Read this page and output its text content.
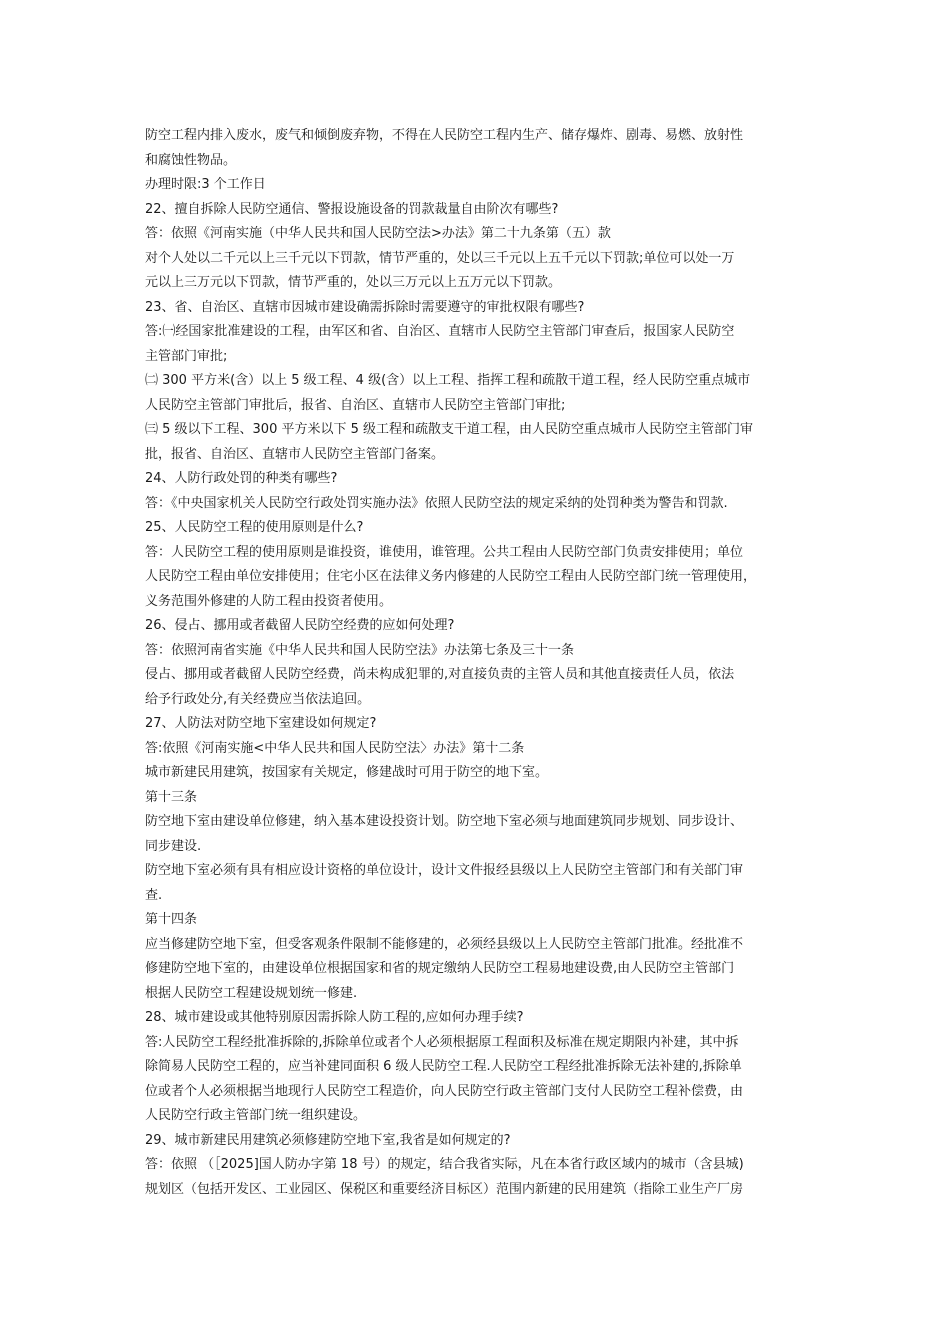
防空工程内排入废水，废气和倾倒废弃物，不得在人民防空工程内生产、储存爆炸、剧毒、易燃、放射性
和腐蚀性物品。
办理时限:3 个工作日
22、擅自拆除人民防空通信、警报设施设备的罚款裁量自由阶次有哪些?
答：依照《河南实施（中华人民共和国人民防空法>办法》第二十九条第（五）款
对个人处以二千元以上三千元以下罚款，情节严重的，处以三千元以上五千元以下罚款;单位可以处一万
元以上三万元以下罚款，情节严重的，处以三万元以上五万元以下罚款。
23、省、自治区、直辖市因城市建设确需拆除时需要遵守的审批权限有哪些?
答:㈠经国家批准建设的工程，由军区和省、自治区、直辖市人民防空主管部门审查后，报国家人民防空
主管部门审批;
㈡ 300 平方米(含）以上 5 级工程、4 级(含）以上工程、指挥工程和疏散干道工程，经人民防空重点城市
人民防空主管部门审批后，报省、自治区、直辖市人民防空主管部门审批;
㈢ 5 级以下工程、300 平方米以下 5 级工程和疏散支干道工程，由人民防空重点城市人民防空主管部门审
批，报省、自治区、直辖市人民防空主管部门备案。
24、人防行政处罚的种类有哪些?
答：《中央国家机关人民防空行政处罚实施办法》依照人民防空法的规定采纳的处罚种类为警告和罚款.
25、人民防空工程的使用原则是什么?
答：人民防空工程的使用原则是谁投资，谁使用，谁管理。公共工程由人民防空部门负责安排使用；单位
人民防空工程由单位安排使用；住宅小区在法律义务内修建的人民防空工程由人民防空部门统一管理使用，
义务范围外修建的人防工程由投资者使用。
26、侵占、挪用或者截留人民防空经费的应如何处理?
答：依照河南省实施《中华人民共和国人民防空法》办法第七条及三十一条
侵占、挪用或者截留人民防空经费，尚未构成犯罪的,对直接负责的主管人员和其他直接责任人员，依法
给予行政处分,有关经费应当依法追回。
27、人防法对防空地下室建设如何规定?
答:依照《河南实施<中华人民共和国人民防空法〉办法》第十二条
城市新建民用建筑，按国家有关规定，修建战时可用于防空的地下室。
第十三条
防空地下室由建设单位修建，纳入基本建设投资计划。防空地下室必须与地面建筑同步规划、同步设计、
同步建设.
防空地下室必须有具有相应设计资格的单位设计，设计文件报经县级以上人民防空主管部门和有关部门审
查.
第十四条
应当修建防空地下室，但受客观条件限制不能修建的，必须经县级以上人民防空主管部门批准。经批准不
修建防空地下室的，由建设单位根据国家和省的规定缴纳人民防空工程易地建设费,由人民防空主管部门
根据人民防空工程建设规划统一修建.
28、城市建设或其他特别原因需拆除人防工程的,应如何办理手续?
答:人民防空工程经批准拆除的,拆除单位或者个人必须根据原工程面积及标准在规定期限内补建，其中拆
除简易人民防空工程的，应当补建同面积 6 级人民防空工程.人民防空工程经批准拆除无法补建的,拆除单
位或者个人必须根据当地现行人民防空工程造价，向人民防空行政主管部门支付人民防空工程补偿费，由
人民防空行政主管部门统一组织建设。
29、城市新建民用建筑必须修建防空地下室,我省是如何规定的?
答：依照 （［2025]国人防办字第 18 号）的规定，结合我省实际，凡在本省行政区域内的城市（含县城)
规划区（包括开发区、工业园区、保税区和重要经济目标区）范围内新建的民用建筑（指除工业生产厂房
